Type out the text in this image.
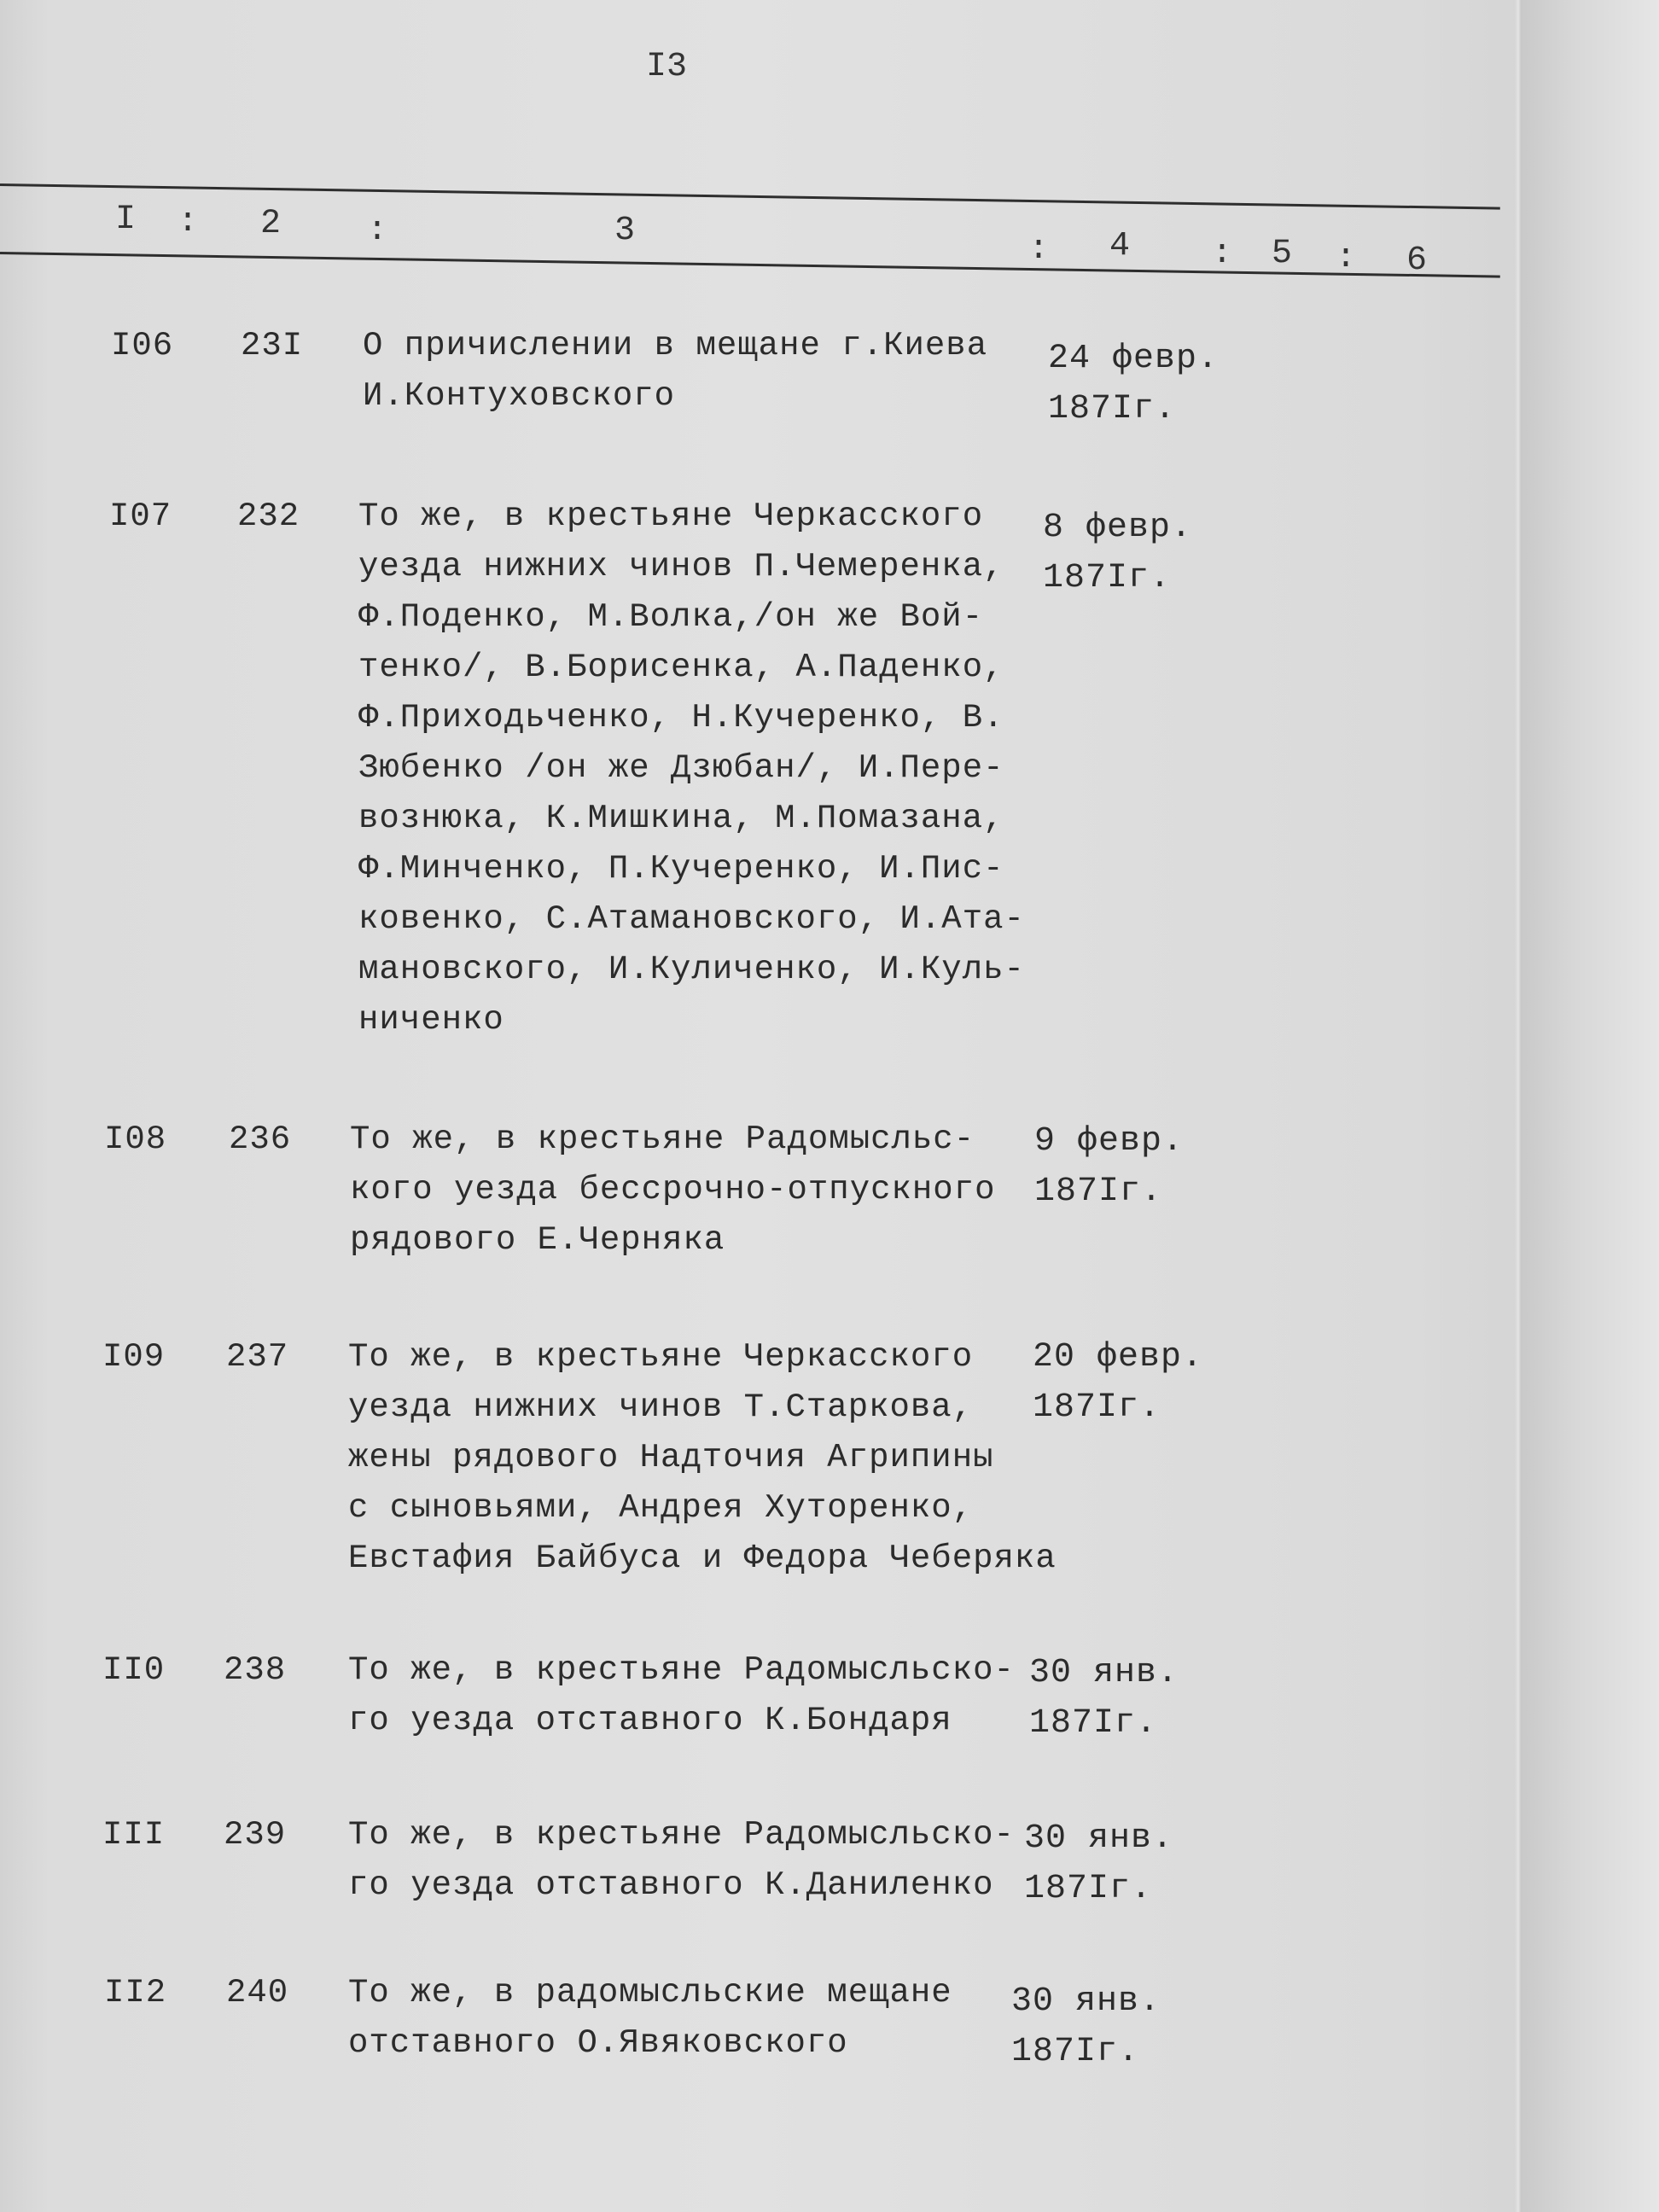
I3
I : 2	:	3	: 4 : 5 : 6
I06 23I О причислении в мещане г.Киева
И.Контуховского
24 февр.
187Iг.
I07 232 То же, в крестьяне Черкасского
уезда нижних чинов П.Чемеренка,
Ф.Поденко, М.Волка,/он же Вой-
тенко/, В.Борисенка, А.Паденко,
Ф.Приходьченко, Н.Кучеренко, В.
Зюбенко /он же Дзюбан/, И.Пере-
вознюка, К.Мишкина, М.Помазана,
Ф.Минченко, П.Кучеренко, И.Пис-
ковенко, С.Атамановского, И.Ата-
мановского, И.Куличенко, И.Куль-
ниченко
8 февр.
187Iг.
I08 236 То же, в крестьяне Радомысльс-
кого уезда бессрочно-отпускного
рядового Е.Черняка
9 февр.
187Iг.
I09 237 То же, в крестьяне Черкасского
уезда нижних чинов Т.Старкова,
жены рядового Надточия Агрипины
с сыновьями, Андрея Хуторенко,
Евстафия Байбуса и Федора Чеберяка
20 февр.
187Iг.
II0 238 То же, в крестьяне Радомысльско-
го уезда отставного К.Бондаря
30 янв.
187Iг.
III 239 То же, в крестьяне Радомысльско-
го уезда отставного К.Даниленко
30 янв.
187Iг.
II2 240 То же, в радомысльские мещане
отставного О.Явяковского
30 янв.
187Iг.
